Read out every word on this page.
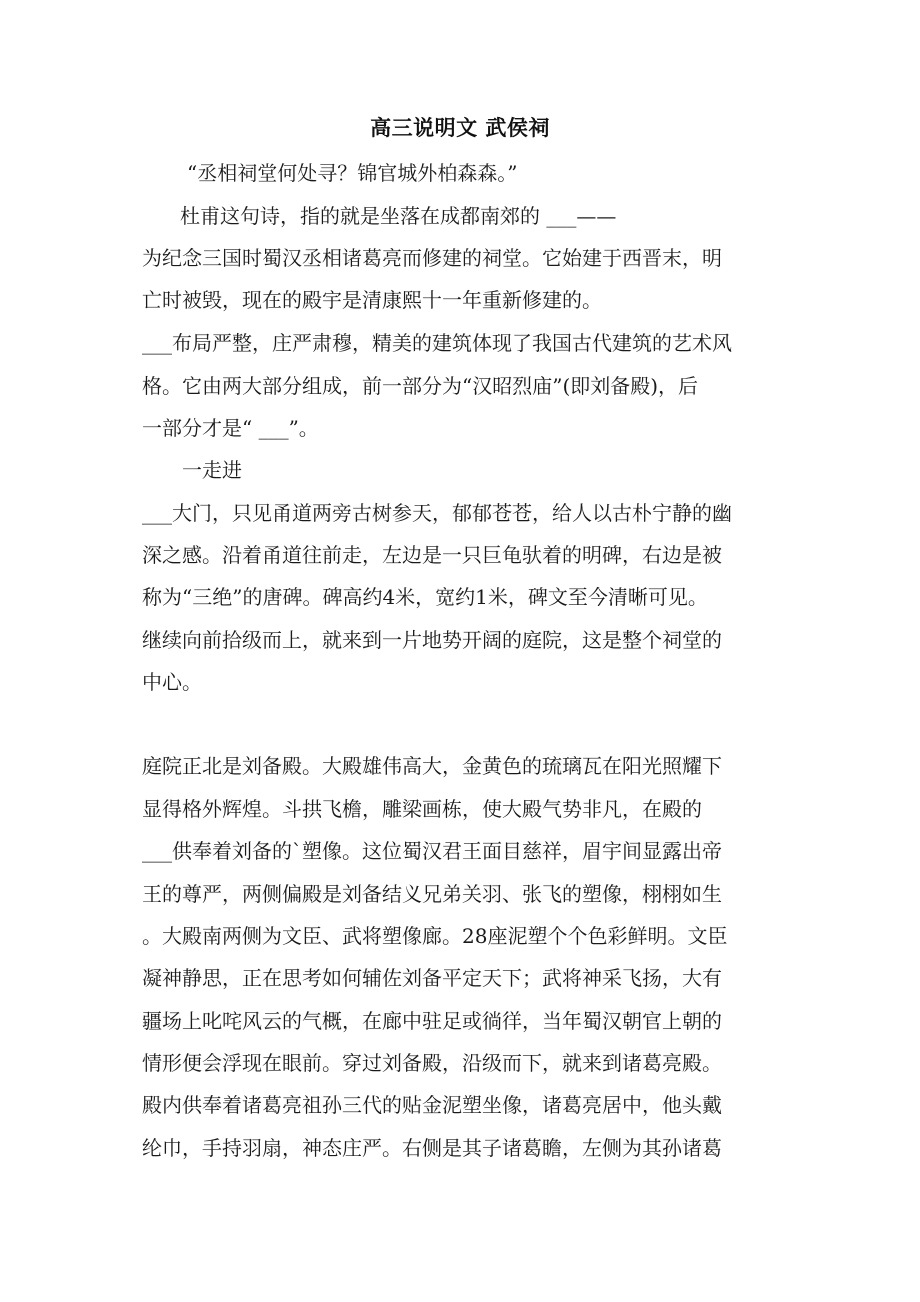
高三说明文 武侯祠
“丞相祠堂何处寻？锦官城外柏森森。”
杜甫这句诗，指的就是坐落在成都南郊的 ___——
为纪念三国时蜀汉丞相诸葛亮而修建的祠堂。它始建于西晋末，明
亡时被毁，现在的殿宇是清康熙十一年重新修建的。
___布局严整，庄严肃穆，精美的建筑体现了我国古代建筑的艺术风
格。它由两大部分组成，前一部分为“汉昭烈庙”(即刘备殿)，后
一部分才是“ ___”。
一走进
___大门，只见甬道两旁古树参天，郁郁苍苍，给人以古朴宁静的幽
深之感。沿着甬道往前走，左边是一只巨龟驮着的明碑，右边是被
称为“三绝”的唐碑。碑高约4米，宽约1米，碑文至今清晰可见。
继续向前拾级而上，就来到一片地势开阔的庭院，这是整个祠堂的
中心。
庭院正北是刘备殿。大殿雄伟高大，金黄色的琉璃瓦在阳光照耀下
显得格外辉煌。斗拱飞檐，雕梁画栋，使大殿气势非凡，在殿的
___供奉着刘备的`塑像。这位蜀汉君王面目慈祥，眉宇间显露出帝
王的尊严，两侧偏殿是刘备结义兄弟关羽、张飞的塑像，栩栩如生
。大殿南两侧为文臣、武将塑像廊。28座泥塑个个色彩鲜明。文臣
凝神静思，正在思考如何辅佐刘备平定天下；武将神采飞扬，大有
疆场上叱咤风云的气概，在廊中驻足或徜徉，当年蜀汉朝官上朝的
情形便会浮现在眼前。穿过刘备殿，沿级而下，就来到诸葛亮殿。
殿内供奉着诸葛亮祖孙三代的贴金泥塑坐像，诸葛亮居中，他头戴
纶巾，手持羽扇，神态庄严。右侧是其子诸葛瞻，左侧为其孙诸葛
